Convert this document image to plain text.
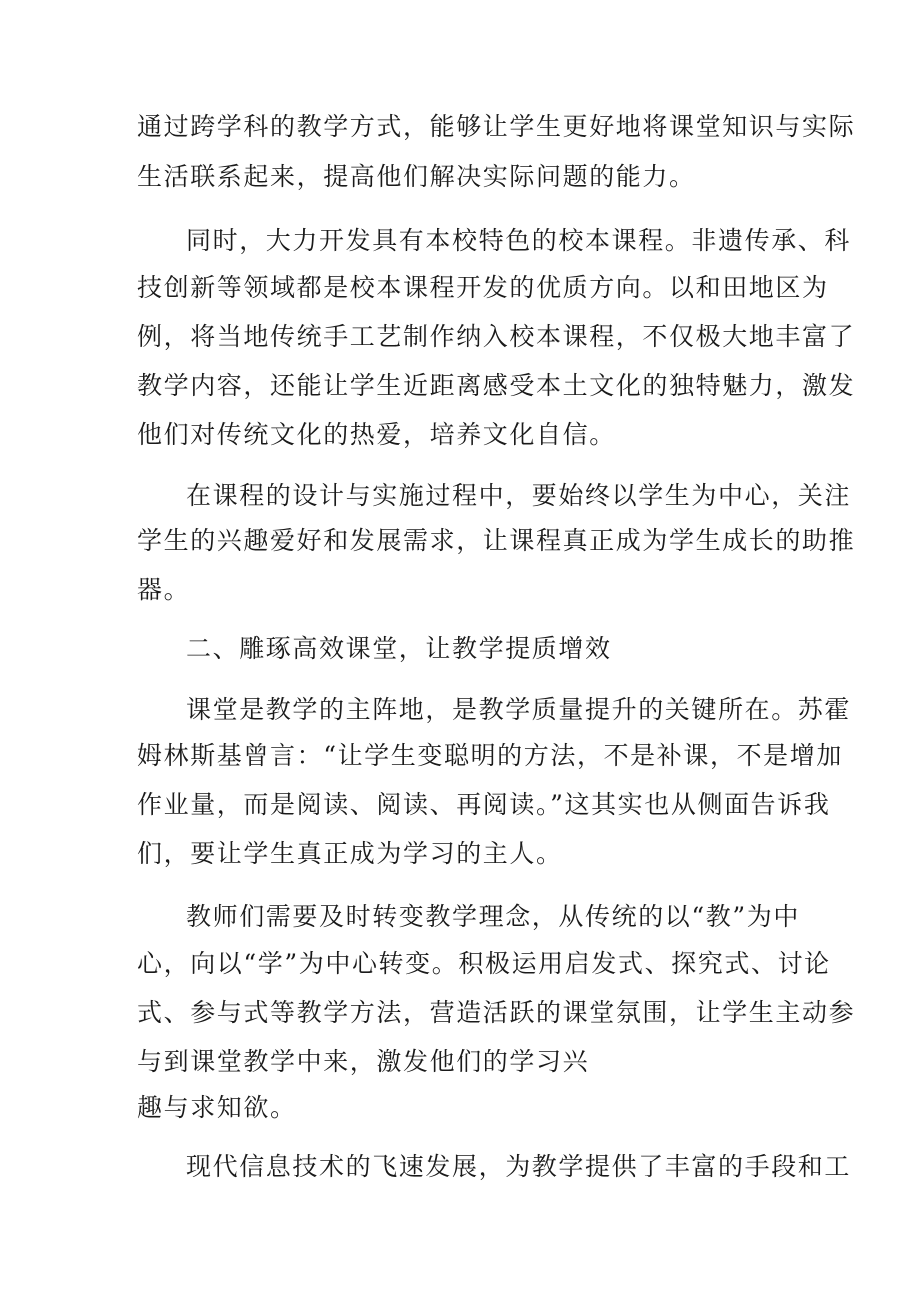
通过跨学科的教学方式，能够让学生更好地将课堂知识与实际
生活联系起来，提高他们解决实际问题的能力。
同时，大力开发具有本校特色的校本课程。非遗传承、科
技创新等领域都是校本课程开发的优质方向。以和田地区为
例，将当地传统手工艺制作纳入校本课程，不仅极大地丰富了
教学内容，还能让学生近距离感受本土文化的独特魅力，激发
他们对传统文化的热爱，培养文化自信。
在课程的设计与实施过程中，要始终以学生为中心，关注
学生的兴趣爱好和发展需求，让课程真正成为学生成长的助推
器。
二、雕琢高效课堂，让教学提质增效
课堂是教学的主阵地，是教学质量提升的关键所在。苏霍
姆林斯基曾言：“让学生变聪明的方法，不是补课，不是增加
作业量，而是阅读、阅读、再阅读。”这其实也从侧面告诉我
们，要让学生真正成为学习的主人。
教师们需要及时转变教学理念，从传统的以“教”为中
心，向以“学”为中心转变。积极运用启发式、探究式、讨论
式、参与式等教学方法，营造活跃的课堂氛围，让学生主动参
与到课堂教学中来，激发他们的学习兴
趣与求知欲。
现代信息技术的飞速发展，为教学提供了丰富的手段和工
